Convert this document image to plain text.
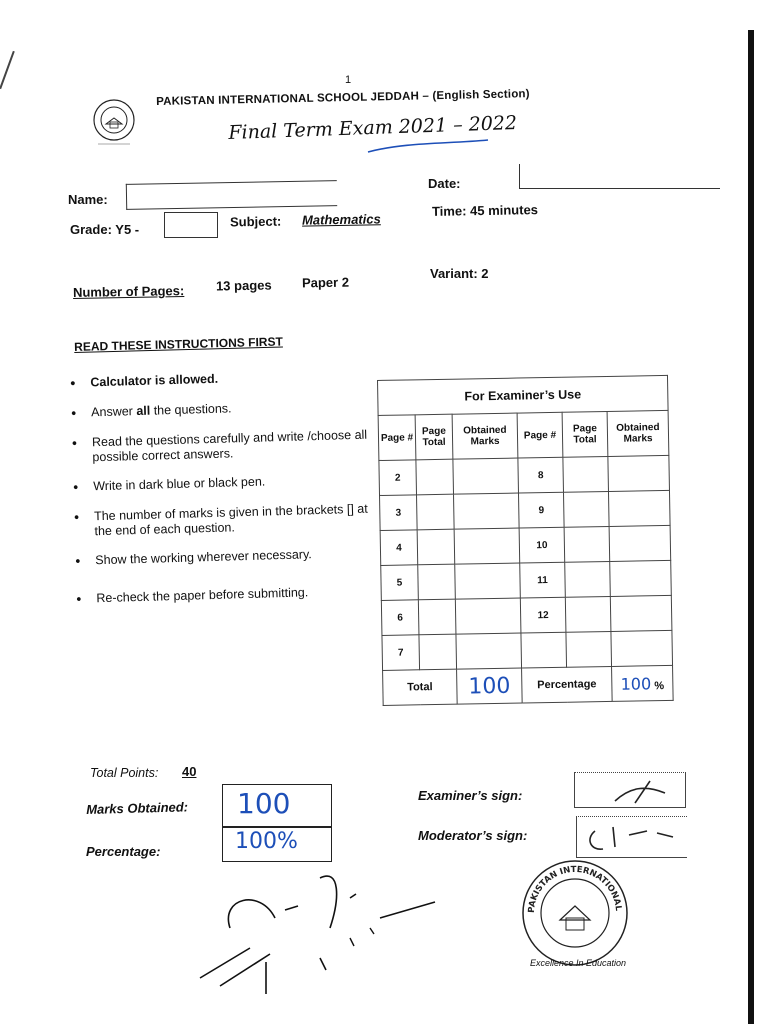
1
PAKISTAN INTERNATIONAL SCHOOL JEDDAH – (English Section)
Final Term Exam 2021 – 2022
Name:
Date:
Grade: Y5 -
Subject: Mathematics
Time: 45 minutes
Number of Pages: 13 pages Paper 2
Variant: 2
READ THESE INSTRUCTIONS FIRST
• Calculator is allowed.
• Answer all the questions.
• Read the questions carefully and write /choose all possible correct answers.
• Write in dark blue or black pen.
• The number of marks is given in the brackets [] at the end of each question.
• Show the working wherever necessary.
• Re-check the paper before submitting.
For Examiner’s Use					
Page #	Page Total	Obtained Marks	Page #	Page Total	Obtained Marks
2			8		
3			9		
4			10		
5			11		
6			12		
7					
Total		100	Percentage		100 %
Total Points: 40
Marks Obtained: 100
Percentage:	100%
Examiner’s sign:
Moderator’s sign:
PAKISTAN INTERNATIONAL
Excellence In Education
